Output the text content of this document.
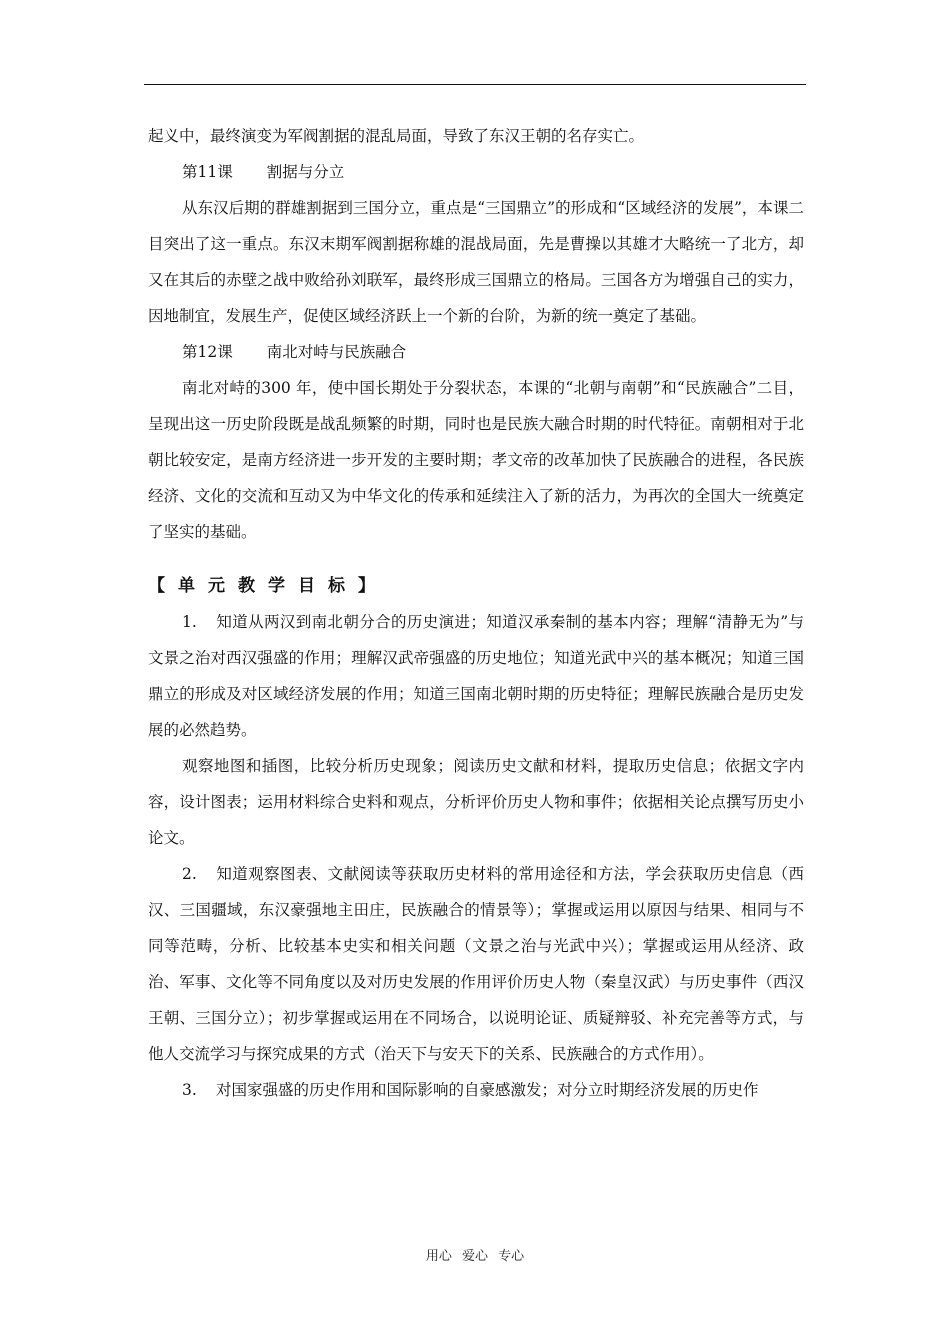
起义中，最终演变为军阀割据的混乱局面，导致了东汉王朝的名存实亡。

第11课 割据与分立

从东汉后期的群雄割据到三国分立，重点是“三国鼎立”的形成和“区域经济的发展”，本课二目突出了这一重点。东汉末期军阀割据称雄的混战局面，先是曹操以其雄才大略统一了北方，却又在其后的赤壁之战中败给孙刘联军，最终形成三国鼎立的格局。三国各方为增强自己的实力，因地制宜，发展生产，促使区域经济跃上一个新的台阶，为新的统一奠定了基础。

第12课 南北对峙与民族融合

南北对峙的300 年，使中国长期处于分裂状态，本课的“北朝与南朝”和“民族融合”二目，呈现出这一历史阶段既是战乱频繁的时期，同时也是民族大融合时期的时代特征。南朝相对于北朝比较安定，是南方经济进一步开发的主要时期；孝文帝的改革加快了民族融合的进程，各民族经济、文化的交流和互动又为中华文化的传承和延续注入了新的活力，为再次的全国大一统奠定了坚实的基础。

【单元教学目标】

1. 知道从两汉到南北朝分合的历史演进；知道汉承秦制的基本内容；理解“清静无为”与文景之治对西汉强盛的作用；理解汉武帝强盛的历史地位；知道光武中兴的基本概况；知道三国鼎立的形成及对区域经济发展的作用；知道三国南北朝时期的历史特征；理解民族融合是历史发展的必然趋势。

观察地图和插图，比较分析历史现象；阅读历史文献和材料，提取历史信息；依据文字内容，设计图表；运用材料综合史料和观点，分析评价历史人物和事件；依据相关论点撰写历史小论文。

2. 知道观察图表、文献阅读等获取历史材料的常用途径和方法，学会获取历史信息（西汉、三国疆域，东汉豪强地主田庄，民族融合的情景等）；掌握或运用以原因与结果、相同与不同等范畴，分析、比较基本史实和相关问题（文景之治与光武中兴）；掌握或运用从经济、政治、军事、文化等不同角度以及对历史发展的作用评价历史人物（秦皇汉武）与历史事件（西汉王朝、三国分立）；初步掌握或运用在不同场合，以说明论证、质疑辩驳、补充完善等方式，与他人交流学习与探究成果的方式（治天下与安天下的关系、民族融合的方式作用）。

3. 对国家强盛的历史作用和国际影响的自豪感激发；对分立时期经济发展的历史作

用心 爱心 专心
